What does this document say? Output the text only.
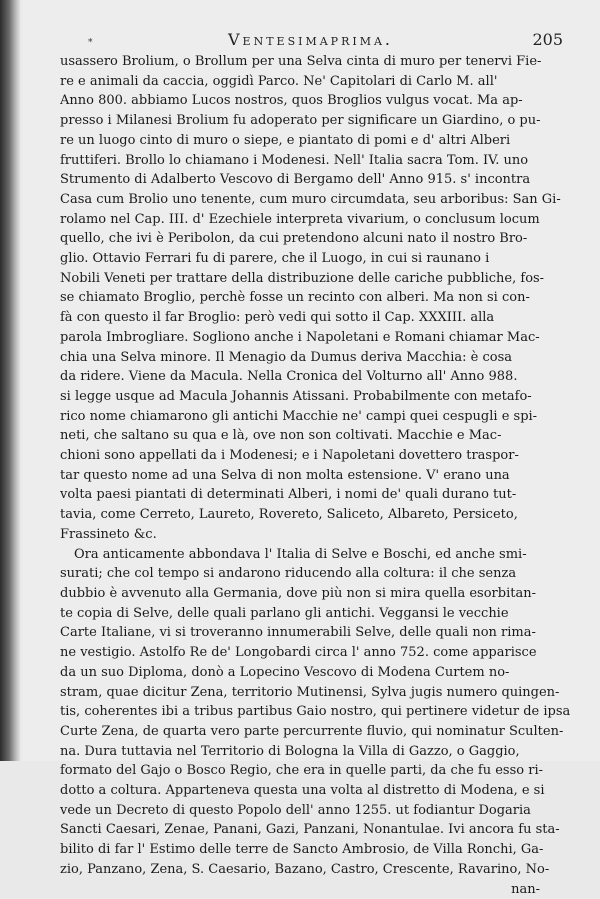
*	Ventesimaprima.	205
usassero Brolium, o Brollum per una Selva cinta di muro per tenervi Fie-
re e animali da caccia, oggidì Parco. Ne' Capitolari di Carlo M. all'
Anno 800. abbiamo Lucos nostros, quos Broglios vulgus vocat. Ma ap-
presso i Milanesi Brolium fu adoperato per significare un Giardino, o pu-
re un luogo cinto di muro o siepe, e piantato di pomi e d' altri Alberi
fruttiferi. Brollo lo chiamano i Modenesi. Nell' Italia sacra Tom. IV. uno
Strumento di Adalberto Vescovo di Bergamo dell' Anno 915. s' incontra
Casa cum Brolio uno tenente, cum muro circumdata, seu arboribus: San Gi-
rolamo nel Cap. III. d' Ezechiele interpreta vivarium, o conclusum locum
quello, che ivi è Peribolon, da cui pretendono alcuni nato il nostro Bro-
glio. Ottavio Ferrari fu di parere, che il Luogo, in cui si raunano i
Nobili Veneti per trattare della distribuzione delle cariche pubbliche, fos-
se chiamato Broglio, perchè fosse un recinto con alberi. Ma non si con-
fà con questo il far Broglio: però vedi qui sotto il Cap. XXXIII. alla
parola Imbrogliare. Sogliono anche i Napoletani e Romani chiamar Mac-
chia una Selva minore. Il Menagio da Dumus deriva Macchia: è cosa
da ridere. Viene da Macula. Nella Cronica del Volturno all' Anno 988.
si legge usque ad Macula Johannis Atissani. Probabilmente con metafo-
rico nome chiamarono gli antichi Macchie ne' campi quei cespugli e spi-
neti, che saltano su qua e là, ove non son coltivati. Macchie e Mac-
chioni sono appellati da i Modenesi; e i Napoletani dovettero traspor-
tar questo nome ad una Selva di non molta estensione. V' erano una
volta paesi piantati di determinati Alberi, i nomi de' quali durano tut-
tavia, come Cerreto, Laureto, Rovereto, Saliceto, Albareto, Persiceto,
Frassineto &c.
Ora anticamente abbondava l' Italia di Selve e Boschi, ed anche smi-
surati; che col tempo si andarono riducendo alla coltura: il che senza
dubbio è avvenuto alla Germania, dove più non si mira quella esorbitan-
te copia di Selve, delle quali parlano gli antichi. Veggansi le vecchie
Carte Italiane, vi si troveranno innumerabili Selve, delle quali non rima-
ne vestigio. Astolfo Re de' Longobardi circa l' anno 752. come apparisce
da un suo Diploma, donò a Lopecino Vescovo di Modena Curtem no-
stram, quae dicitur Zena, territorio Mutinensi, Sylva jugis numero quingen-
tis, coherentes ibi a tribus partibus Gaio nostro, qui pertinere videtur de ipsa
Curte Zena, de quarta vero parte percurrente fluvio, qui nominatur Sculten-
na. Dura tuttavia nel Territorio di Bologna la Villa di Gazzo, o Gaggio,
formato del Gajo o Bosco Regio, che era in quelle parti, da che fu esso ri-
dotto a coltura. Apparteneva questa una volta al distretto di Modena, e si
vede un Decreto di questo Popolo dell' anno 1255. ut fodiantur Dogaria
Sancti Caesari, Zenae, Panani, Gazi, Panzani, Nonantulae. Ivi ancora fu sta-
bilito di far l' Estimo delle terre de Sancto Ambrosio, de Villa Ronchi, Ga-
zio, Panzano, Zena, S. Caesario, Bazano, Castro, Crescente, Ravarino, No-
nan-
